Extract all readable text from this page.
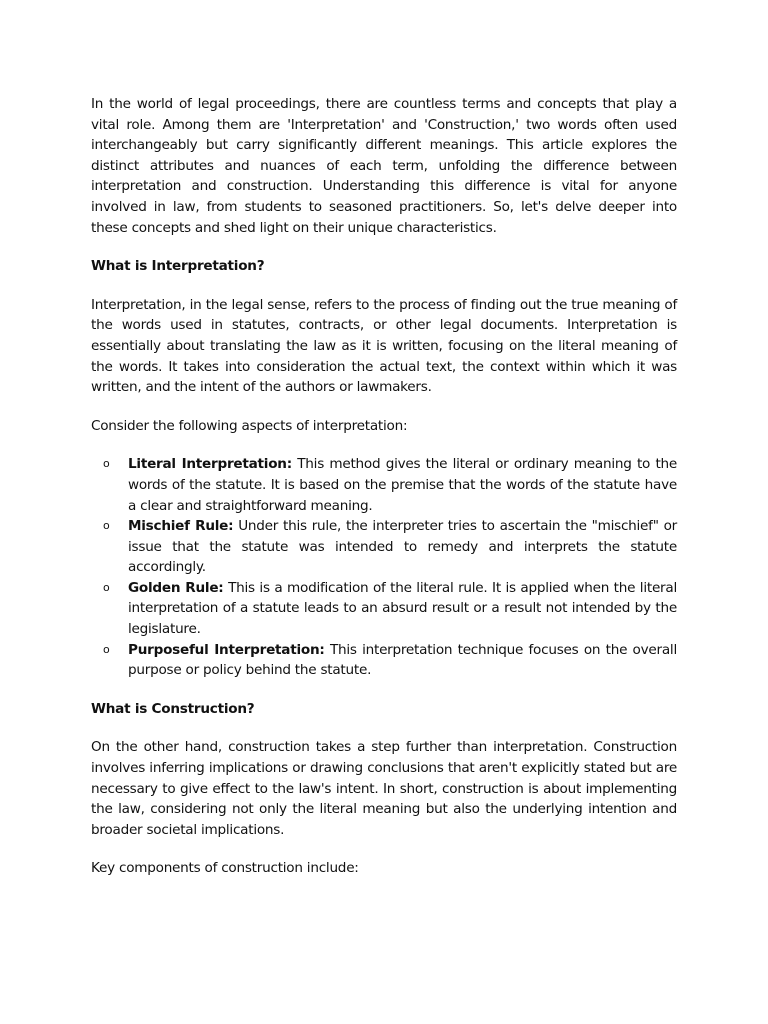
In the world of legal proceedings, there are countless terms and concepts that play a vital role. Among them are 'Interpretation' and 'Construction,' two words often used interchangeably but carry significantly different meanings. This article explores the distinct attributes and nuances of each term, unfolding the difference between interpretation and construction. Understanding this difference is vital for anyone involved in law, from students to seasoned practitioners. So, let's delve deeper into these concepts and shed light on their unique characteristics.

What is Interpretation?

Interpretation, in the legal sense, refers to the process of finding out the true meaning of the words used in statutes, contracts, or other legal documents. Interpretation is essentially about translating the law as it is written, focusing on the literal meaning of the words. It takes into consideration the actual text, the context within which it was written, and the intent of the authors or lawmakers.

Consider the following aspects of interpretation:

o Literal Interpretation: This method gives the literal or ordinary meaning to the words of the statute. It is based on the premise that the words of the statute have a clear and straightforward meaning.
o Mischief Rule: Under this rule, the interpreter tries to ascertain the "mischief" or issue that the statute was intended to remedy and interprets the statute accordingly.
o Golden Rule: This is a modification of the literal rule. It is applied when the literal interpretation of a statute leads to an absurd result or a result not intended by the legislature.
o Purposeful Interpretation: This interpretation technique focuses on the overall purpose or policy behind the statute.
What is Construction?

On the other hand, construction takes a step further than interpretation. Construction involves inferring implications or drawing conclusions that aren't explicitly stated but are necessary to give effect to the law's intent. In short, construction is about implementing the law, considering not only the literal meaning but also the underlying intention and broader societal implications.

Key components of construction include:
